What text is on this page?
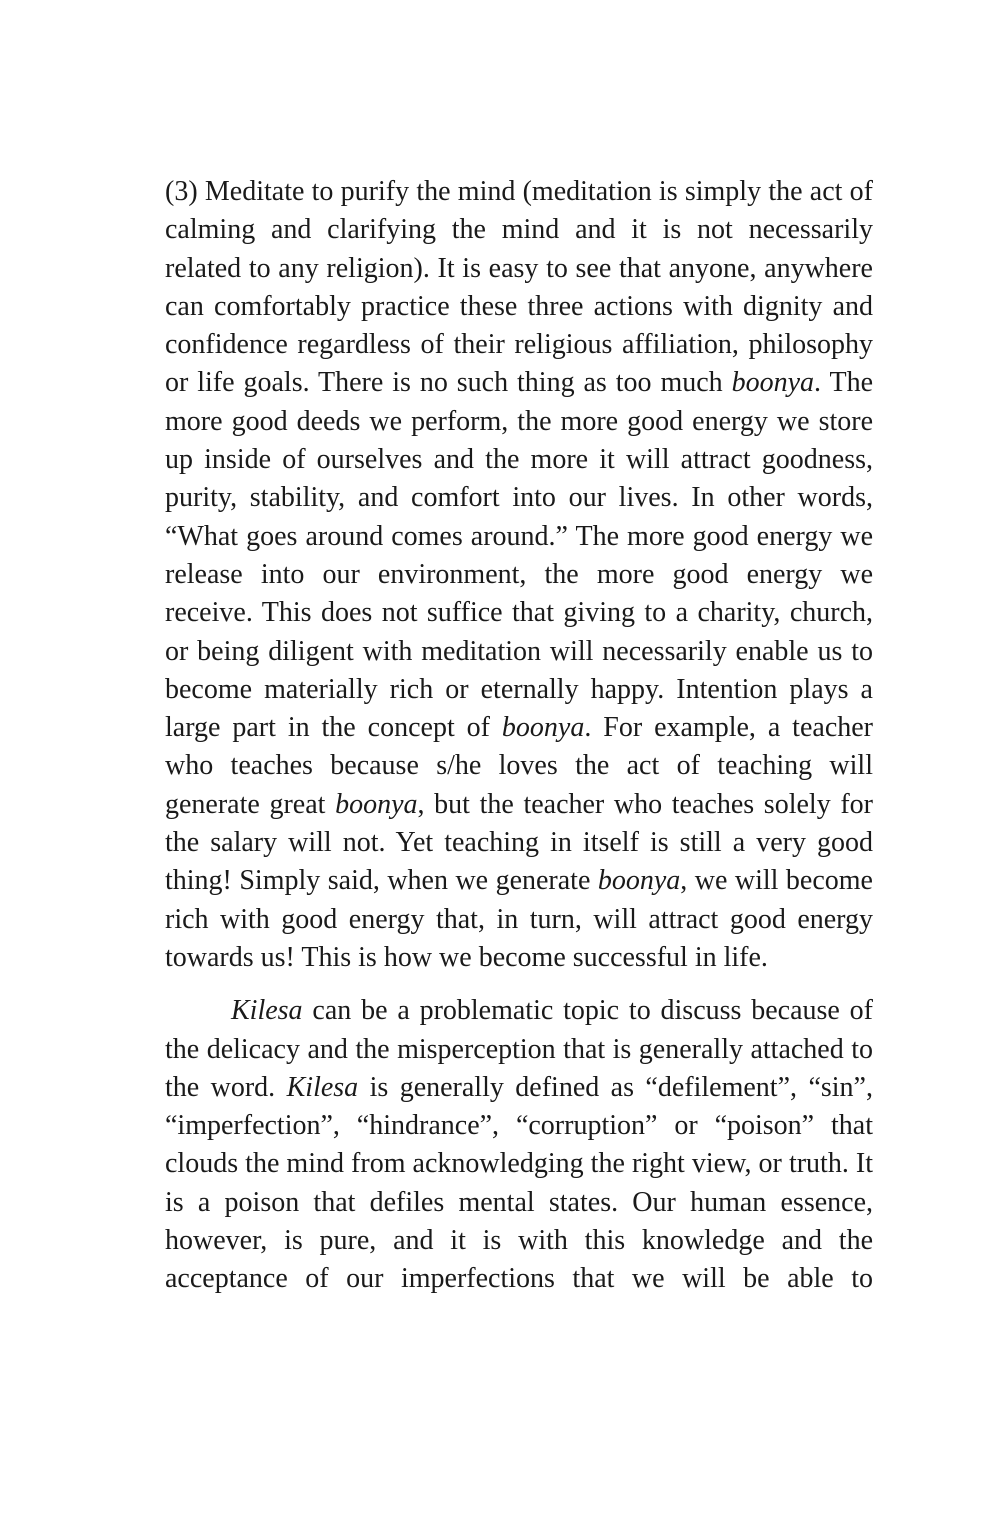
(3) Meditate to purify the mind (meditation is simply the act of calming and clarifying the mind and it is not necessarily related to any religion). It is easy to see that anyone, anywhere can comfortably practice these three actions with dignity and confidence regardless of their religious affiliation, philosophy or life goals. There is no such thing as too much boonya. The more good deeds we perform, the more good energy we store up inside of ourselves and the more it will attract goodness, purity, stability, and comfort into our lives. In other words, “What goes around comes around.” The more good energy we release into our environment, the more good energy we receive. This does not suffice that giving to a charity, church, or being diligent with meditation will necessarily enable us to become materially rich or eternally happy. Intention plays a large part in the concept of boonya. For example, a teacher who teaches because s/he loves the act of teaching will generate great boonya, but the teacher who teaches solely for the salary will not. Yet teaching in itself is still a very good thing! Simply said, when we generate boonya, we will become rich with good energy that, in turn, will attract good energy towards us! This is how we become successful in life.

Kilesa can be a problematic topic to discuss because of the delicacy and the misperception that is generally attached to the word. Kilesa is generally defined as “defilement”, “sin”, “imperfection”, “hindrance”, “corruption” or “poison” that clouds the mind from acknowledging the right view, or truth. It is a poison that defiles mental states. Our human essence, however, is pure, and it is with this knowledge and the acceptance of our imperfections that we will be able to
